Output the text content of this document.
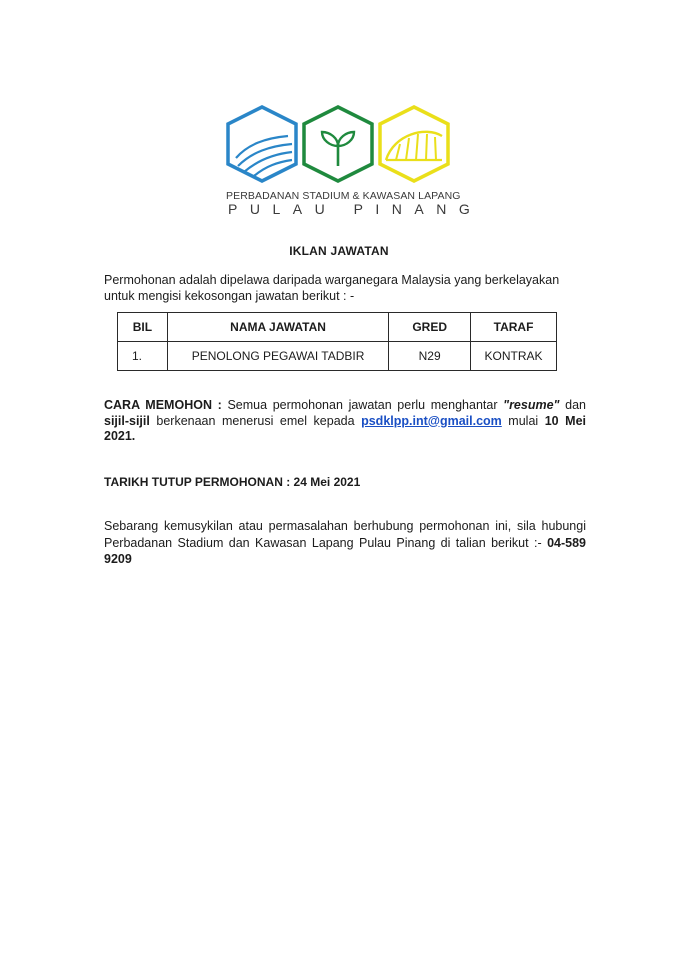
PERBADANAN STADIUM & KAWASAN LAPANG
PULAU PINANG
IKLAN JAWATAN
Permohonan adalah dipelawa daripada warganegara Malaysia yang berkelayakan untuk mengisi kekosongan jawatan berikut : -
BIL	NAMA JAWATAN	GRED	TARAF
1.	PENOLONG PEGAWAI TADBIR	N29	KONTRAK
CARA MEMOHON : Semua permohonan jawatan perlu menghantar "resume" dan sijil-sijil berkenaan menerusi emel kepada psdklpp.int@gmail.com mulai 10 Mei 2021.
TARIKH TUTUP PERMOHONAN : 24 Mei 2021
Sebarang kemusykilan atau permasalahan berhubung permohonan ini, sila hubungi Perbadanan Stadium dan Kawasan Lapang Pulau Pinang di talian berikut :- 04-589 9209
